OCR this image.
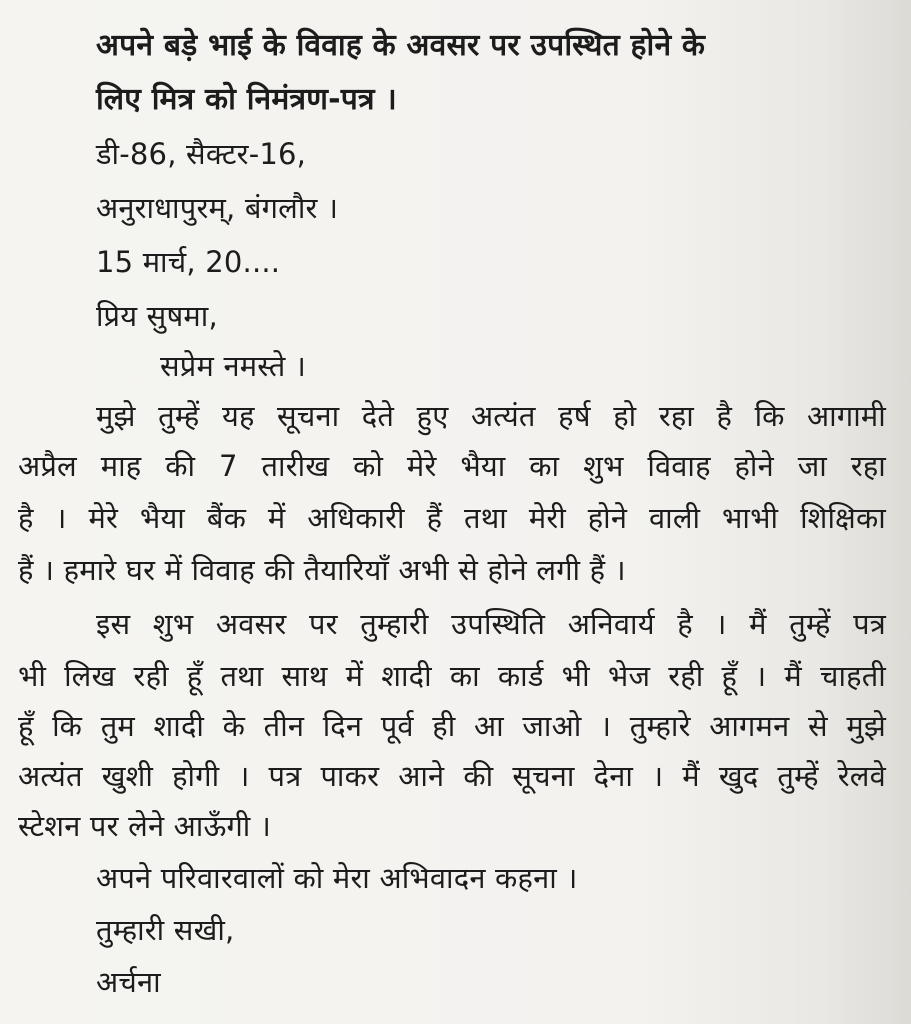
अपने बड़े भाई के विवाह के अवसर पर उपस्थित होने के
लिए मित्र को निमंत्रण-पत्र ।
डी-86, सैक्टर-16,
अनुराधापुरम्, बंगलौर ।
15 मार्च, 20....
प्रिय सुषमा,
सप्रेम नमस्ते ।
मुझे तुम्हें यह सूचना देते हुए अत्यंत हर्ष हो रहा है कि आगामी
अप्रैल माह की 7 तारीख को मेरे भैया का शुभ विवाह होने जा रहा
है । मेरे भैया बैंक में अधिकारी हैं तथा मेरी होने वाली भाभी शिक्षिका
हैं । हमारे घर में विवाह की तैयारियाँ अभी से होने लगी हैं ।
इस शुभ अवसर पर तुम्हारी उपस्थिति अनिवार्य है । मैं तुम्हें पत्र
भी लिख रही हूँ तथा साथ में शादी का कार्ड भी भेज रही हूँ । मैं चाहती
हूँ कि तुम शादी के तीन दिन पूर्व ही आ जाओ । तुम्हारे आगमन से मुझे
अत्यंत खुशी होगी । पत्र पाकर आने की सूचना देना । मैं खुद तुम्हें रेलवे
स्टेशन पर लेने आऊँगी ।
अपने परिवारवालों को मेरा अभिवादन कहना ।
तुम्हारी सखी,
अर्चना
